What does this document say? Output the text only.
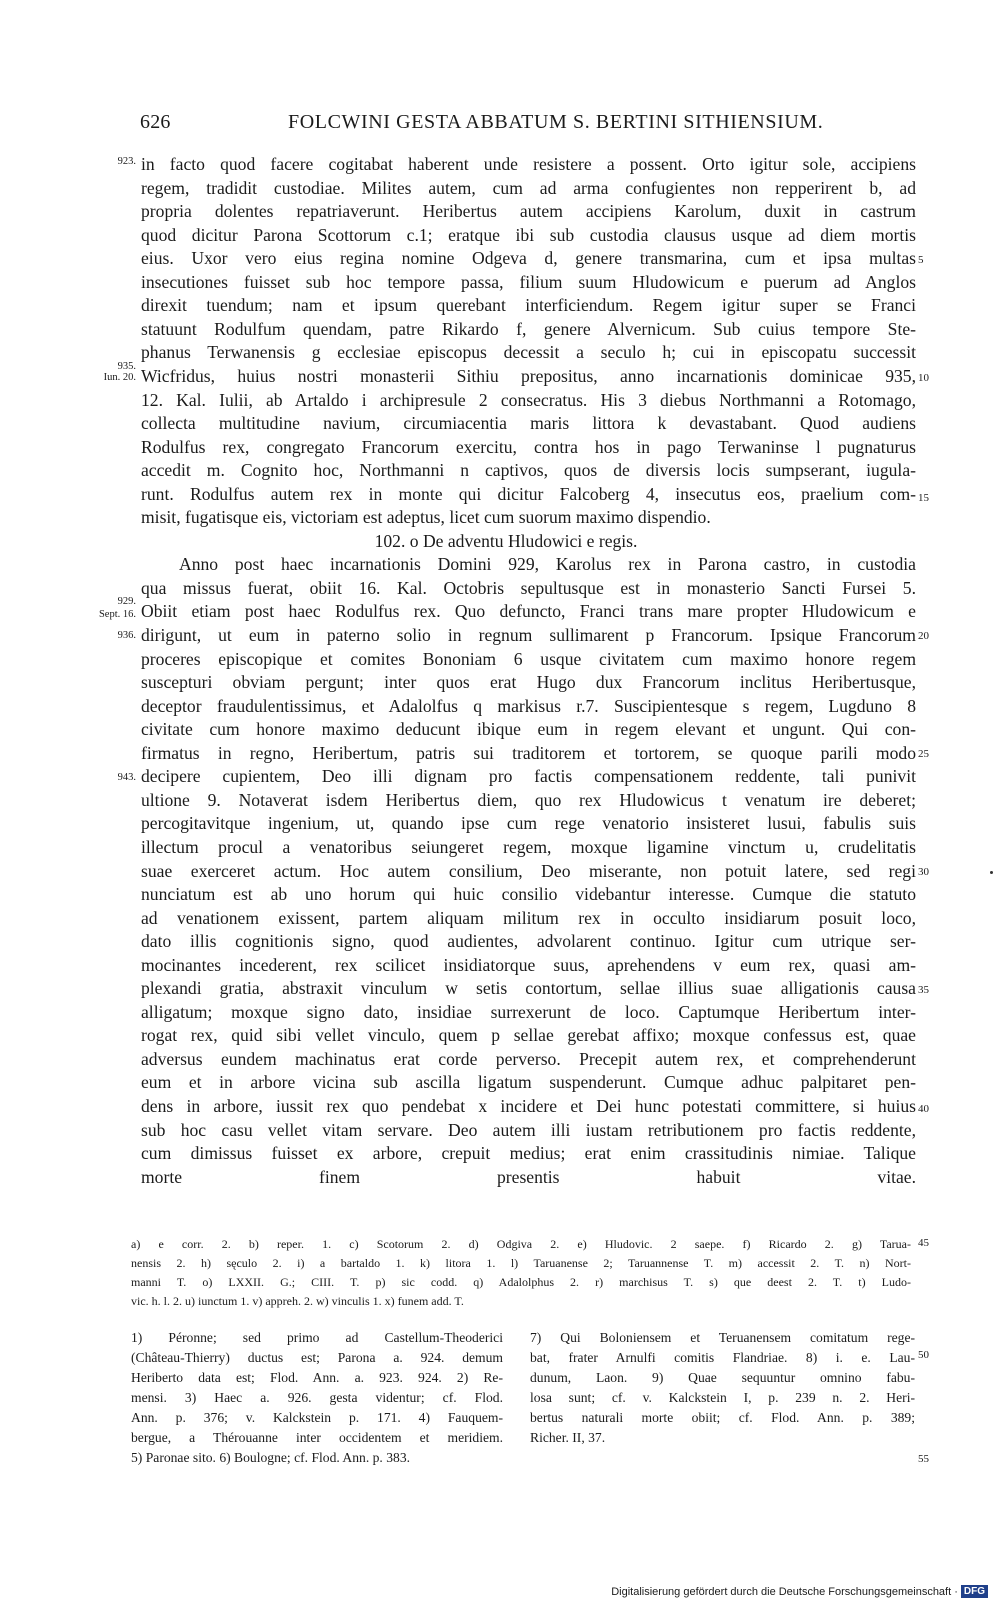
626	FOLCWINI GESTA ABBATUM S. BERTINI SITHIENSIUM.
in facto quod facere cogitabat haberent unde resistere a possent. Orto igitur sole, accipiens
regem, tradidit custodiae. Milites autem, cum ad arma confugientes non repperirent b, ad
propria dolentes repatriaverunt. Heribertus autem accipiens Karolum, duxit in castrum
quod dicitur Parona Scottorum c.1; eratque ibi sub custodia clausus usque ad diem mortis
eius. Uxor vero eius regina nomine Odgeva d, genere transmarina, cum et ipsa multas
insecutiones fuisset sub hoc tempore passa, filium suum Hludowicum e puerum ad Anglos
direxit tuendum; nam et ipsum querebant interficiendum. Regem igitur super se Franci
statuunt Rodulfum quendam, patre Rikardo f, genere Alvernicum. Sub cuius tempore Ste-
phanus Terwanensis g ecclesiae episcopus decessit a seculo h; cui in episcopatu successit
Wicfridus, huius nostri monasterii Sithiu prepositus, anno incarnationis dominicae 935,
12. Kal. Iulii, ab Artaldo i archipresule 2 consecratus. His 3 diebus Northmanni a Rotomago,
collecta multitudine navium, circumiacentia maris littora k devastabant. Quod audiens
Rodulfus rex, congregato Francorum exercitu, contra hos in pago Terwaninse l pugnaturus
accedit m. Cognito hoc, Northmanni n captivos, quos de diversis locis sumpserant, iugula-
runt. Rodulfus autem rex in monte qui dicitur Falcoberg 4, insecutus eos, praelium com-
misit, fugatisque eis, victoriam est adeptus, licet cum suorum maximo dispendio.
102. o De adventu Hludowici e regis.
Anno post haec incarnationis Domini 929, Karolus rex in Parona castro, in custodia
qua missus fuerat, obiit 16. Kal. Octobris sepultusque est in monasterio Sancti Fursei 5.
Obiit etiam post haec Rodulfus rex. Quo defuncto, Franci trans mare propter Hludowicum e
dirigunt, ut eum in paterno solio in regnum sullimarent p Francorum. Ipsique Francorum
proceres episcopique et comites Bononiam 6 usque civitatem cum maximo honore regem
suscepturi obviam pergunt; inter quos erat Hugo dux Francorum inclitus Heribertusque,
deceptor fraudulentissimus, et Adalolfus q markisus r.7. Suscipientesque s regem, Lugduno 8
civitate cum honore maximo deducunt ibique eum in regem elevant et ungunt. Qui con-
firmatus in regno, Heribertum, patris sui traditorem et tortorem, se quoque parili modo
decipere cupientem, Deo illi dignam pro factis compensationem reddente, tali punivit
ultione 9. Notaverat isdem Heribertus diem, quo rex Hludowicus t venatum ire deberet;
percogitavitque ingenium, ut, quando ipse cum rege venatorio insisteret lusui, fabulis suis
illectum procul a venatoribus seiungeret regem, moxque ligamine vinctum u, crudelitatis
suae exerceret actum. Hoc autem consilium, Deo miserante, non potuit latere, sed regi
nunciatum est ab uno horum qui huic consilio videbantur interesse. Cumque die statuto
ad venationem exissent, partem aliquam militum rex in occulto insidiarum posuit loco,
dato illis cognitionis signo, quod audientes, advolarent continuo. Igitur cum utrique ser-
mocinantes incederent, rex scilicet insidiatorque suus, aprehendens v eum rex, quasi am-
plexandi gratia, abstraxit vinculum w setis contortum, sellae illius suae alligationis causa
alligatum; moxque signo dato, insidiae surrexerunt de loco. Captumque Heribertum inter-
rogat rex, quid sibi vellet vinculo, quem p sellae gerebat affixo; moxque confessus est, quae
adversus eundem machinatus erat corde perverso. Precepit autem rex, et comprehenderunt
eum et in arbore vicina sub ascilla ligatum suspenderunt. Cumque adhuc palpitaret pen-
dens in arbore, iussit rex quo pendebat x incidere et Dei hunc potestati committere, si huius
sub hoc casu vellet vitam servare. Deo autem illi iustam retributionem pro factis reddente,
cum dimissus fuisset ex arbore, crepuit medius; erat enim crassitudinis nimiae. Talique
morte finem presentis habuit vitae.
923.
935.
Iun. 20.
929.
Sept. 16.
936.
943.
5
10
15
20
25
30
35
40
45
50
55
a) e corr. 2. b) reper. 1. c) Scotorum 2. d) Odgiva 2. e) Hludovic. 2 saepe. f) Ricardo 2. g) Tarua-
nensis 2. h) sęculo 2. i) a bartaldo 1. k) litora 1. l) Taruanense 2; Taruannense T. m) accessit 2. T. n) Nort-
manni T. o) LXXII. G.; CIII. T. p) sic codd. q) Adalolphus 2. r) marchisus T. s) que deest 2. T. t) Ludo-
vic. h. l. 2. u) iunctum 1. v) appreh. 2. w) vinculis 1. x) funem add. T.
1) Péronne; sed primo ad Castellum-Theoderici
(Château-Thierry) ductus est; Parona a. 924. demum
Heriberto data est; Flod. Ann. a. 923. 924. 2) Re-
mensi. 3) Haec a. 926. gesta videntur; cf. Flod.
Ann. p. 376; v. Kalckstein p. 171. 4) Fauquem-
bergue, a Thérouanne inter occidentem et meridiem.
5) Paronae sito. 6) Boulogne; cf. Flod. Ann. p. 383.
7) Qui Boloniensem et Teruanensem comitatum rege-
bat, frater Arnulfi comitis Flandriae. 8) i. e. Lau-
dunum, Laon. 9) Quae sequuntur omnino fabu-
losa sunt; cf. v. Kalckstein I, p. 239 n. 2. Heri-
bertus naturali morte obiit; cf. Flod. Ann. p. 389;
Richer. II, 37.
Digitalisierung gefördert durch die Deutsche Forschungsgemeinschaft · DFG
